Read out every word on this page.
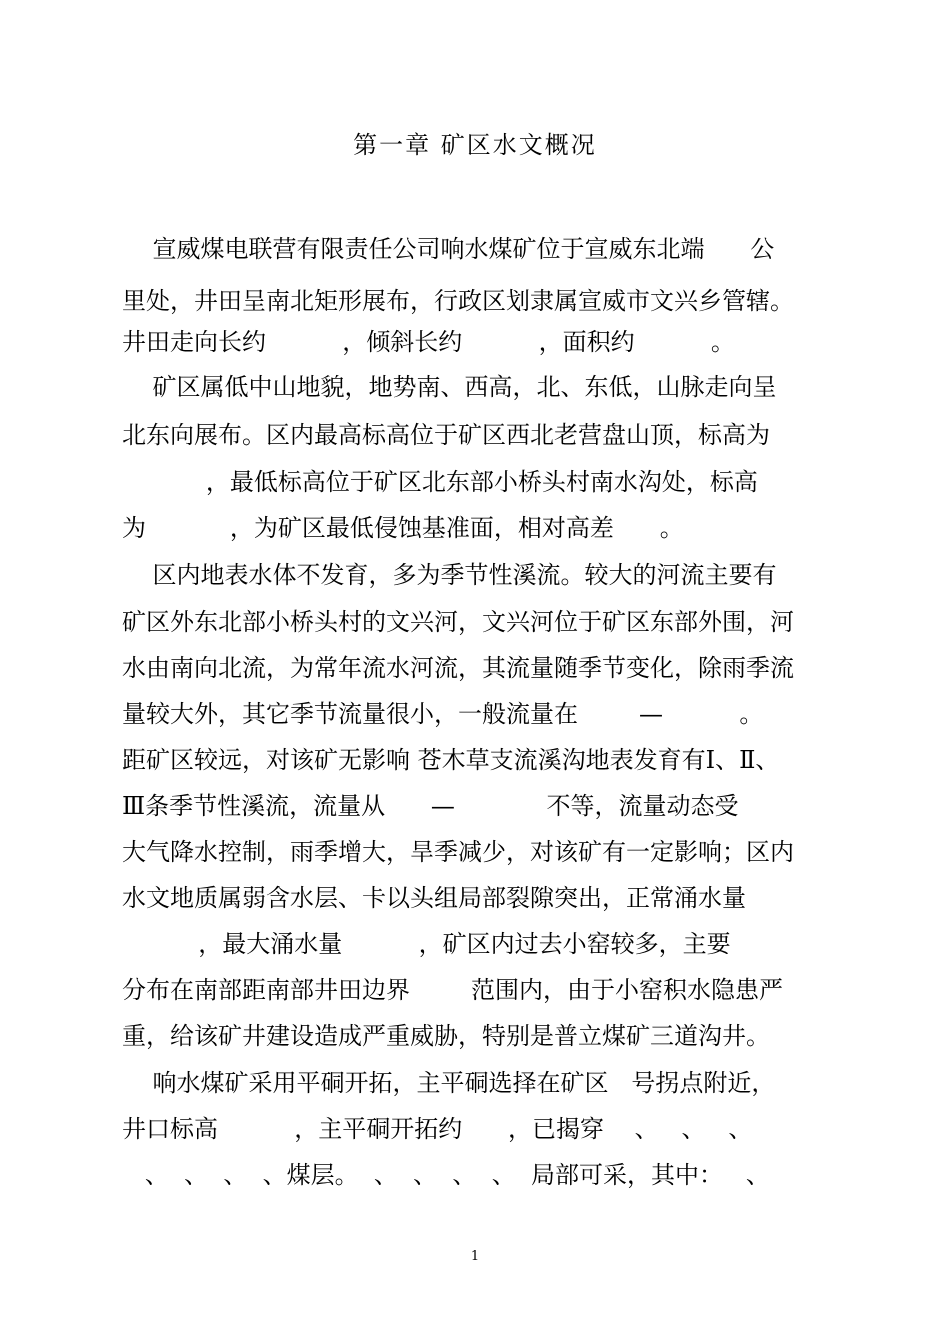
第一章 矿区水文概况
宣威煤电联营有限责任公司响水煤矿位于宣威东北端      公
里处，井田呈南北矩形展布，行政区划隶属宣威市文兴乡管辖。
井田走向长约          ，倾斜长约          ，面积约          。
矿区属低中山地貌，地势南、西高，北、东低，山脉走向呈
北东向展布。区内最高标高位于矿区西北老营盘山顶，标高为
，最低标高位于矿区北东部小桥头村南水沟处，标高
为           ，为矿区最低侵蚀基准面，相对高差      。
区内地表水体不发育，多为季节性溪流。较大的河流主要有
矿区外东北部小桥头村的文兴河，文兴河位于矿区东部外围，河
水由南向北流，为常年流水河流，其流量随季节变化，除雨季流
量较大外，其它季节流量很小，一般流量在        —          。
距矿区较远，对该矿无影响 苍木草支流溪沟地表发育有Ⅰ、Ⅱ、
Ⅲ条季节性溪流，流量从      —            不等，流量动态受
大气降水控制，雨季增大，旱季减少，对该矿有一定影响；区内
水文地质属弱含水层、卡以头组局部裂隙突出，正常涌水量
，最大涌水量          ，矿区内过去小窑较多，主要
分布在南部距南部井田边界        范围内，由于小窑积水隐患严
重，给该矿井建设造成严重威胁，特别是普立煤矿三道沟井。
响水煤矿采用平硐开拓，主平硐选择在矿区   号拐点附近，
井口标高          ，主平硐开拓约      ，已揭穿    、   、   、
、  、  、  、煤层。  、  、  、  、  局部可采，其中：   、
1
